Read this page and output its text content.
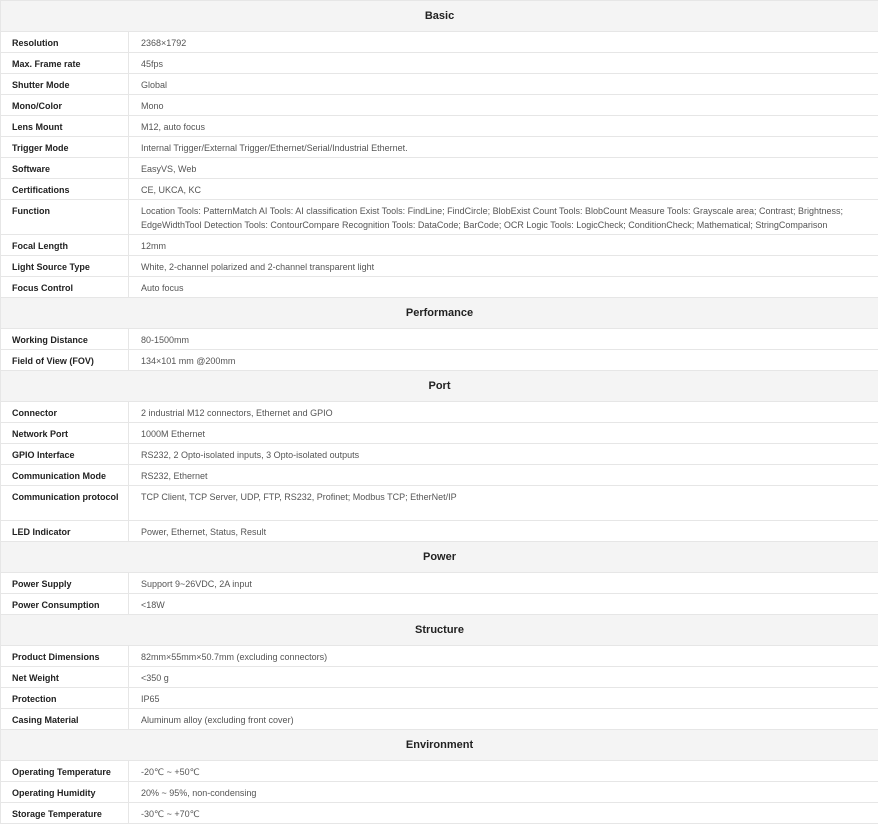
Basic	
Resolution	2368×1792
Max. Frame rate	45fps
Shutter Mode	Global
Mono/Color	Mono
Lens Mount	M12, auto focus
Trigger Mode	Internal Trigger/External Trigger/Ethernet/Serial/Industrial Ethernet.
Software	EasyVS, Web
Certifications	CE, UKCA, KC
Function	Location Tools: PatternMatch AI Tools: AI classification Exist Tools: FindLine; FindCircle; BlobExist Count Tools: BlobCount Measure Tools: Grayscale area; Contrast; Brightness; EdgeWidthTool Detection Tools: ContourCompare Recognition Tools: DataCode; BarCode; OCR Logic Tools: LogicCheck; ConditionCheck; Mathematical; StringComparison
Focal Length	12mm
Light Source Type	White, 2-channel polarized and 2-channel transparent light
Focus Control	Auto focus
Performance	
Working Distance	80-1500mm
Field of View (FOV)	134×101 mm @200mm
Port	
Connector	2 industrial M12 connectors, Ethernet and GPIO
Network Port	1000M Ethernet
GPIO Interface	RS232, 2 Opto-isolated inputs, 3 Opto-isolated outputs
Communication Mode	RS232, Ethernet
Communication protocol	TCP Client, TCP Server, UDP, FTP, RS232, Profinet; Modbus TCP; EtherNet/IP
LED Indicator	Power, Ethernet, Status, Result
Power	
Power Supply	Support 9~26VDC, 2A input
Power Consumption	<18W
Structure	
Product Dimensions	82mm×55mm×50.7mm (excluding connectors)
Net Weight	<350 g
Protection	IP65
Casing Material	Aluminum alloy (excluding front cover)
Environment	
Operating Temperature	-20℃ ~ +50℃
Operating Humidity	20% ~ 95%, non-condensing
Storage Temperature	-30℃ ~ +70℃
